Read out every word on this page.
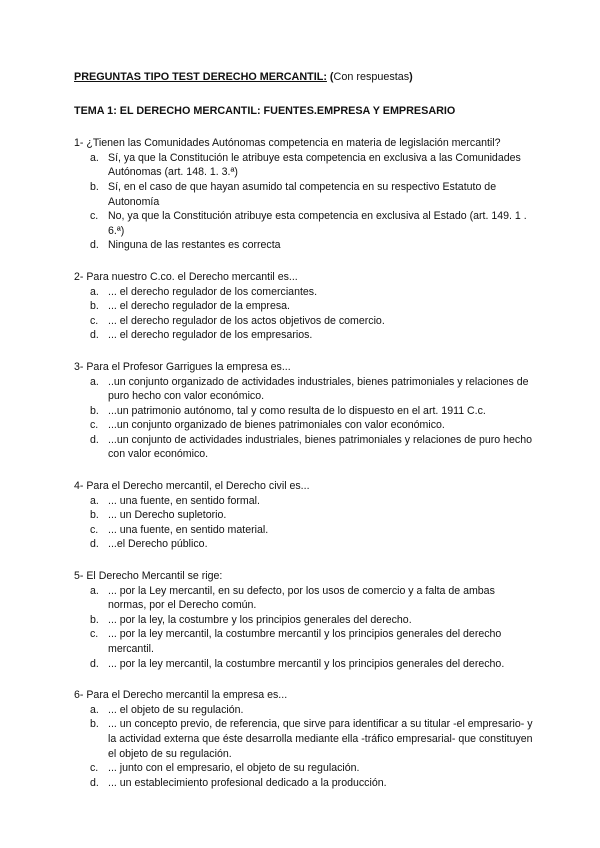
PREGUNTAS TIPO TEST DERECHO MERCANTIL: (Con respuestas)

TEMA 1: EL DERECHO MERCANTIL: FUENTES.EMPRESA Y EMPRESARIO

1- ¿Tienen las Comunidades Autónomas competencia en materia de legislación mercantil?

a. Sí, ya que la Constitución le atribuye esta competencia en exclusiva a las Comunidades Autónomas (art. 148. 1. 3.ª)
b. Sí, en el caso de que hayan asumido tal competencia en su respectivo Estatuto de Autonomía
c. No, ya que la Constitución atribuye esta competencia en exclusiva al Estado (art. 149. 1 . 6.ª)
d. Ninguna de las restantes es correcta

2- Para nuestro C.co. el Derecho mercantil es...

a. ... el derecho regulador de los comerciantes.
b. ... el derecho regulador de la empresa.
c. ... el derecho regulador de los actos objetivos de comercio.
d. ... el derecho regulador de los empresarios.

3- Para el Profesor Garrigues la empresa es...

a. ..un conjunto organizado de actividades industriales, bienes patrimoniales y relaciones de puro hecho con valor económico.
b. ...un patrimonio autónomo, tal y como resulta de lo dispuesto en el art. 1911 C.c.
c. ...un conjunto organizado de bienes patrimoniales con valor económico.
d. ...un conjunto de actividades industriales, bienes patrimoniales y relaciones de puro hecho con valor económico.

4- Para el Derecho mercantil, el Derecho civil es...

a. ... una fuente, en sentido formal.
b. ... un Derecho supletorio.
c. ... una fuente, en sentido material.
d. ...el Derecho público.

5- El Derecho Mercantil se rige:

a. ... por la Ley mercantil, en su defecto, por los usos de comercio y a falta de ambas normas, por el Derecho común.
b. ... por la ley, la costumbre y los principios generales del derecho.
c. ... por la ley mercantil, la costumbre mercantil y los principios generales del derecho mercantil.
d. ... por la ley mercantil, la costumbre mercantil y los principios generales del derecho.

6- Para el Derecho mercantil la empresa es...

a. ... el objeto de su regulación.
b. ... un concepto previo, de referencia, que sirve para identificar a su titular -el empresario- y la actividad externa que éste desarrolla mediante ella -tráfico empresarial- que constituyen el objeto de su regulación.
c. ... junto con el empresario, el objeto de su regulación.
d. ... un establecimiento profesional dedicado a la producción.
